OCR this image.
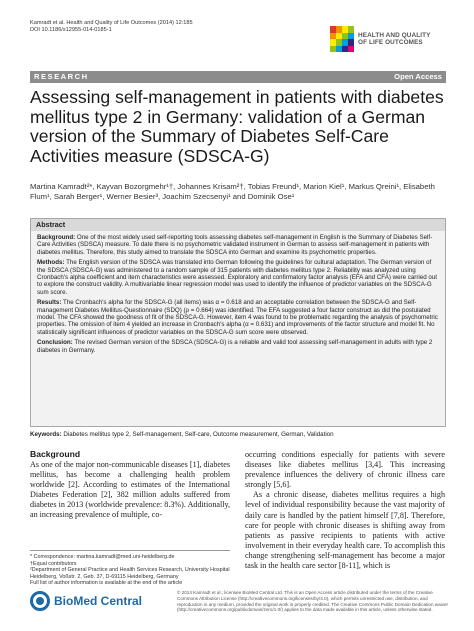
Kamradt et al. Health and Quality of Life Outcomes (2014) 12:185
DOI 10.1186/s12955-014-0185-1
HEALTH AND QUALITY
OF LIFE OUTCOMES
RESEARCH	Open Access
Assessing self-management in patients with diabetes mellitus type 2 in Germany: validation of a German version of the Summary of Diabetes Self-Care Activities measure (SDSCA-G)
Martina Kamradt²*, Kayvan Bozorgmehr¹†, Johannes Krisam²†, Tobias Freund¹, Marion Kiel¹, Markus Qreini¹, Elisabeth Flum¹, Sarah Berger¹, Werner Besier³, Joachim Szecsenyi¹ and Dominik Ose¹
Abstract

Background: One of the most widely used self-reporting tools assessing diabetes self-management in English is the Summary of Diabetes Self-Care Activities (SDSCA) measure. To date there is no psychometric validated instrument in German to assess self-management in patients with diabetes mellitus. Therefore, this study aimed to translate the SDSCA into German and examine its psychometric properties.

Methods: The English version of the SDSCA was translated into German following the guidelines for cultural adaptation. The German version of the SDSCA (SDSCA-G) was administered to a random sample of 315 patients with diabetes mellitus type 2. Reliability was analyzed using Cronbach's alpha coefficient and item characteristics were assessed. Exploratory and confirmatory factor analysis (EFA and CFA) were carried out to explore the construct validity. A multivariable linear regression model was used to identify the influence of predictor variables on the SDSCA-G sum score.

Results: The Cronbach's alpha for the SDSCA-G (all items) was α = 0.618 and an acceptable correlation between the SDSCA-G and Self-management Diabetes Mellitus-Questionnaire (SDQ) (ρ = 0.664) was identified. The EFA suggested a four factor construct as did the postulated model. The CFA showed the goodness of fit of the SDSCA-G. However, item 4 was found to be problematic regarding the analysis of psychometric properties. The omission of item 4 yielded an increase in Cronbach's alpha (α = 0.631) and improvements of the factor structure and model fit. No statistically significant influences of predictor variables on the SDSCA-G sum score were observed.

Conclusion: The revised German version of the SDSCA (SDSCA-G) is a reliable and valid tool assessing self-management in adults with type 2 diabetes in Germany.

Keywords: Diabetes mellitus type 2, Self-management, Self-care, Outcome measurement, German, Validation
Background

As one of the major non-communicable diseases [1], diabetes mellitus, has become a challenging health problem worldwide [2]. According to estimates of the International Diabetes Federation [2], 382 million adults suffered from diabetes in 2013 (worldwide prevalence: 8.3%). Additionally, an increasing prevalence of multiple, co-

occurring conditions especially for patients with severe diseases like diabetes mellitus [3,4]. This increasing prevalence influences the delivery of chronic illness care strongly [5,6].

As a chronic disease, diabetes mellitus requires a high level of individual responsibility because the vast majority of daily care is handled by the patient himself [7,8]. Therefore, care for people with chronic diseases is shifting away from patients as passive recipients to patients with active involvement in their everyday health care. To accomplish this change strengthening self-management has become a major task in the health care sector [8-11], which is

* Correspondence: martina.kamradt@med.uni-heidelberg.de
†Equal contributors
²Department of General Practice and Health Services Research, University Hospital Heidelberg, Voßstr. 2, Geb. 37, D-69115 Heidelberg, Germany
Full list of author information is available at the end of the article
BioMed Central
© 2014 Kamradt et al.; licensee BioMed Central Ltd. This is an Open Access article distributed under the terms of the Creative Commons Attribution License (http://creativecommons.org/licenses/by/4.0), which permits unrestricted use, distribution, and reproduction in any medium, provided the original work is properly credited. The Creative Commons Public Domain Dedication waiver (http://creativecommons.org/publicdomain/zero/1.0/) applies to the data made available in this article, unless otherwise stated.
